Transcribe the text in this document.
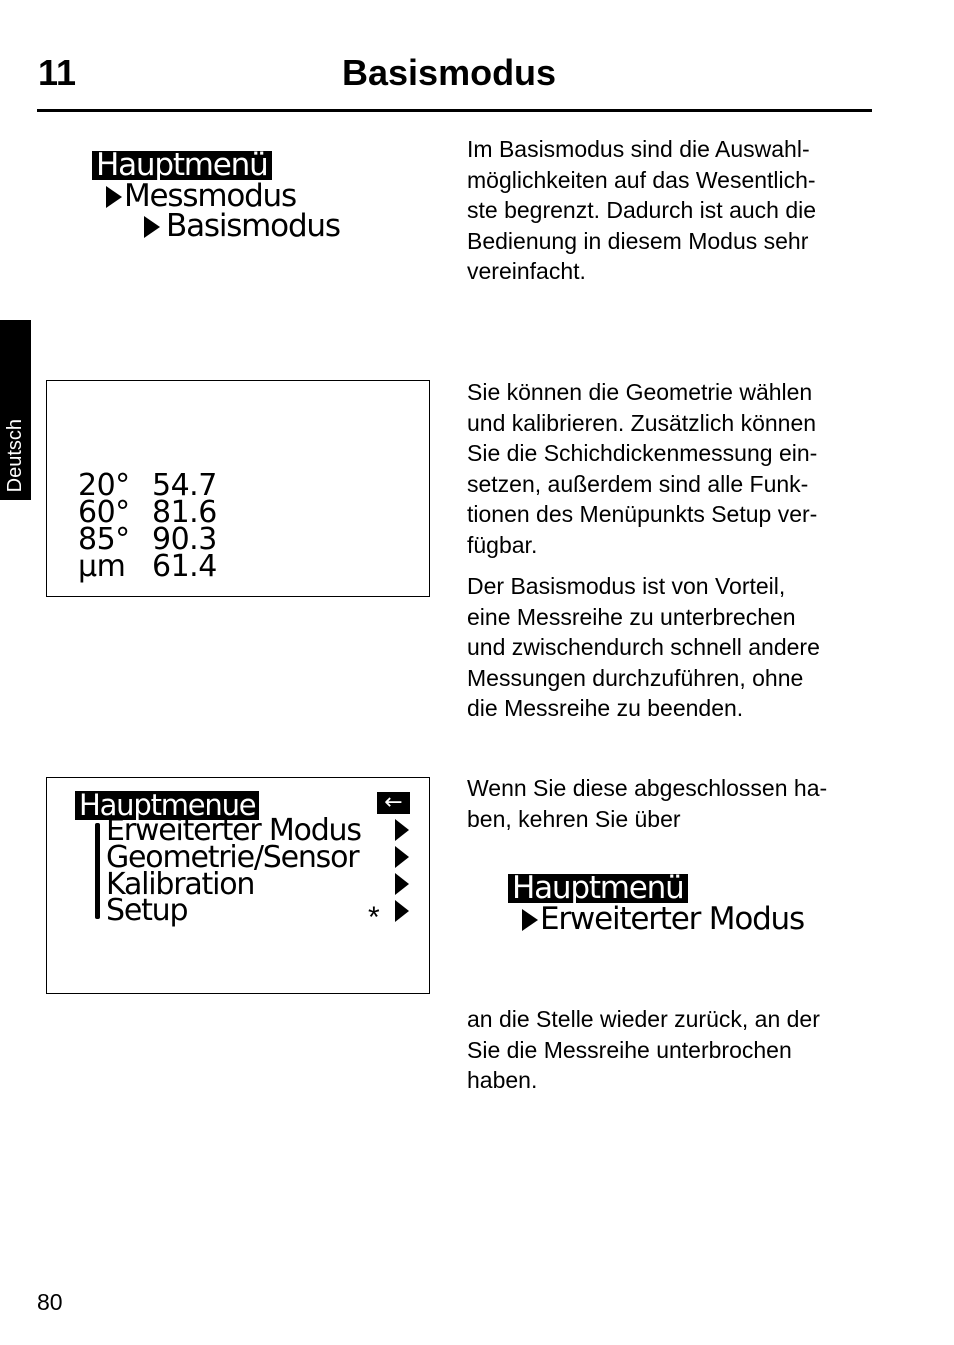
11	Basismodus
Deutsch
Hauptmenü
Messmodus
Basismodus
Im Basismodus sind die Auswahl-
möglichkeiten auf das Wesentlich-
ste begrenzt. Dadurch ist auch die
Bedienung in diesem Modus sehr
vereinfacht.
20° 54.7
60° 81.6
85° 90.3
µm 61.4
Sie können die Geometrie wählen
und kalibrieren. Zusätzlich können
Sie die Schichdickenmessung ein-
setzen, außerdem sind alle Funk-
tionen des Menüpunkts Setup ver-
fügbar.
Der Basismodus ist von Vorteil,
eine Messreihe zu unterbrechen
und zwischendurch schnell andere
Messungen durchzuführen, ohne
die Messreihe zu beenden.
Hauptmenue	←
Erweiterter Modus
Geometrie/Sensor
Kalibration
Setup	*
Wenn Sie diese abgeschlossen ha-
ben, kehren Sie über
Hauptmenü
Erweiterter Modus
an die Stelle wieder zurück, an der
Sie die Messreihe unterbrochen
haben.
80
